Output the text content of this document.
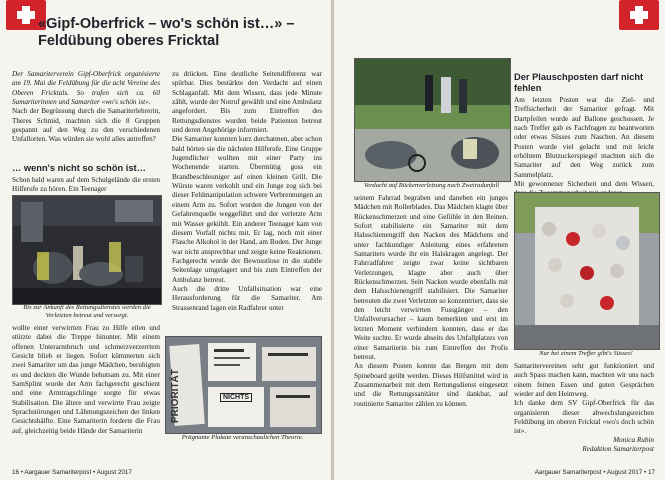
«Gipf-Oberfrick – wo's schön ist…» –
Feldübung oberes Fricktal
Der Samariterverein Gipf-Oberfrick organisierte am 19. Mai die Feldübung für die acht Vereine des Oberen Fricktals. So trafen sich ca. 60 Samariterinnen und Samariter «wo's schön ist».
Nach der Begrüssung durch die Samariterlehrerin, Theres Schmid, machten sich die 8 Gruppen gespannt auf den Weg zu den verschiedenen Unfallorten. Was würden sie wohl alles antreffen?
… wenn's nicht so schön ist…
Schon bald waren auf dem Schulgelände die ersten Hilferufe zu hören. Ein Teenager
Bis zur Ankunft des Rettungsdienstes werden die
Verletzten betreut und versorgt.
zu drücken. Eine deutliche Seitendifferenz war spürbar. Dies bestärkte den Verdacht auf einen Schlaganfall. Mit dem Wissen, dass jede Minute zählt, wurde der Notruf gewählt und eine Ambulanz angefordert. Bis zum Eintreffen des Rettungsdienstes wurden beide Patienten betreut und deren Angehörige informiert.
Die Samariter konnten kurz durchatmen, aber schon bald hörten sie die nächsten Hilferufe. Eine Gruppe Jugendlicher wollten mit einer Party ins Wochenende starten. Übermütig goss ein Brandbeschleuniger auf einen kleinen Grill. Die Würste waren verkohlt und ein Junge zog sich bei dieser Fehlmanipulation schwere Verbrennungen an einem Arm zu. Sofort wurden die Jungen von der Gefahrenquelle weggeführt und der verletzte Arm mit Wasser gekühlt. Ein anderer Teenager kam von diesem Vorfall nichts mit. Er lag, noch mit einer Flasche Alkohol in der Hand, am Boden. Der Junge war nicht ansprechbar und zeigte keine Reaktionen. Fachgerecht wurde der Bewusstlose in die stabile Seitenlage umgelagert und bis zum Eintreffen der Ambulanz betreut.
Auch die dritte Unfallsituation war eine Herausforderung für die Samariter. Am Strassenrand lagen ein Radfahrer unter
wollte einer verwirrten Frau zu Hilfe eilen und stürzte dabei die Treppe hinunter. Mit einem offenen Unterarmbruch und schmerzverzerrtem Gesicht blieb er liegen. Sofort kümmerten sich zwei Samariter um das junge Mädchen, beruhigten es und deckten die Wunde behutsam zu. Mit einer SamSplint wurde der Arm fachgerecht geschient und eine Armtragschlinge sorgte für etwas Stabilisation. Die ältere und verwirrte Frau zeigte Sprachstörungen und Lähmungszeichen der linken Gesichtshälfte. Eine Samariterin forderte die Frau auf, gleichzeitig beide Hände der Samariterin
PRIORITÄT	NICHTS
Prägnante Plakate veranschaulichen Theorie.
16 • Aargauer Samariterpost • August 2017
Verdacht auf Rückenverletzung nach Zweiradunfall
seinem Fahrrad begraben und daneben ein junges Mädchen mit Rollerblades. Das Mädchen klagte über Rückenschmerzen und eine Gefühle in den Beinen. Sofort stabilisierte ein Samariter mit dem Halsschienengriff den Nacken des Mädchens und unter fachkundiger Anleitung eines erfahrenen Samariters wurde ihr ein Halskragen angelegt. Der Fahrradfahrer zeigte zwar keine sichtbaren Verletzungen, klagte aber auch über Rückenschmerzen. Sein Nacken wurde ebenfalls mit dem Halsschienengriff stabilisiert. Die Samariter betreuten die zwei Verletzten so konzentriert, dass sie den leicht verwirrten Fussgänger – den Unfallverursacher – kaum bemerkten und erst im letzten Moment verhindern konnten, dass er das Weite suchte. Er wurde abseits des Unfallplatzes von einer Samariterin bis zum Eintreffen der Profis betreut.
An diesem Posten konnte das Bergen mit dem Spineboard geübt werden. Dieses Hilfsmittel wird in Zusammenarbeit mit dem Rettungsdienst eingesetzt und die Rettungssanitäter sind dankbar, auf routinierte Samariter zählen zu können.
Der Plauschposten darf nicht
fehlen
Am letzten Posten war die Ziel- und Treffsicherheit der Samariter gefragt. Mit Dartpfeilen wurde auf Ballone geschossen. Je nach Treffer gab es Fachfragen zu beantworten oder etwas Süsses zum Naschen. An diesem Posten wurde viel gelacht und mit leicht erhöhtem Blutzuckerspiegel machten sich die Samariter auf den Weg zurück zum Sammelplatz.
Mit gewonnener Sicherheit und dem Wissen,
Nur bei einem Treffer gibt's Süsses!
Samaritervereinen sehr gut funktioniert und auch Spass machen kann, machten wir uns nach einem feinen Essen und guten Gesprächen wieder auf den Heimweg.
Ich danke dem SV Gipf-Oberfrick für das organisieren dieser abwechslungsreichen Feldübung im oberen Fricktal «wo's doch schön ist».
Monica Rubin
Redaktion Samariterpost
Aargauer Samariterpost • August 2017 • 17
